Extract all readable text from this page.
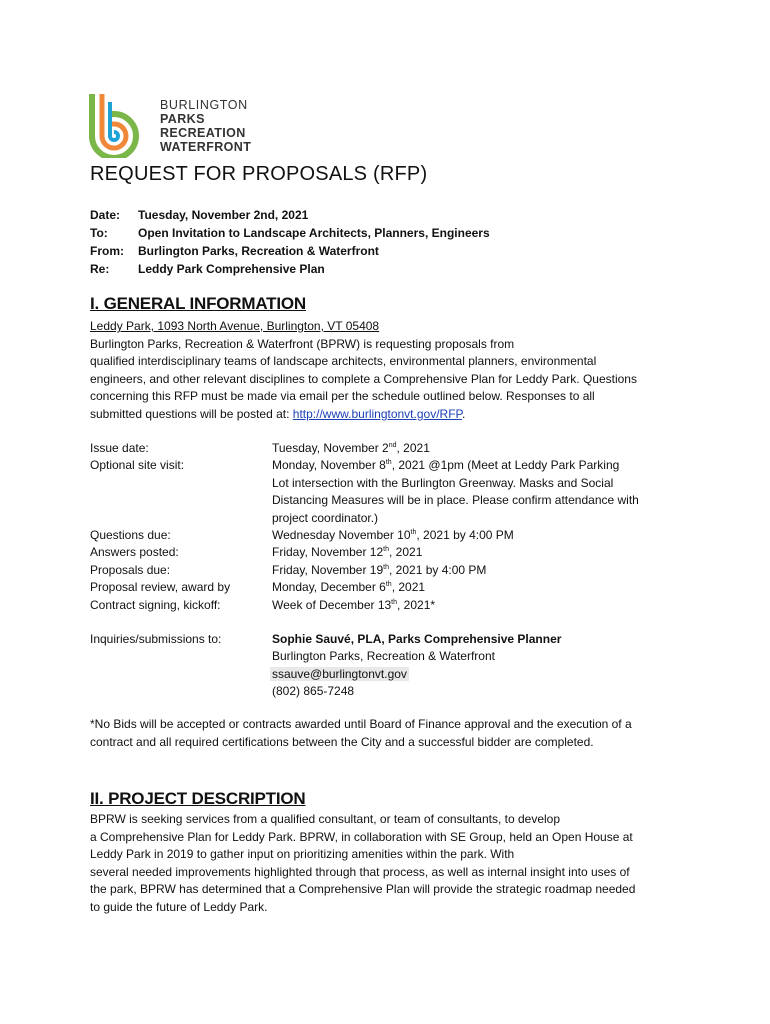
BURLINGTON
PARKS
RECREATION
WATERFRONT
REQUEST FOR PROPOSALS (RFP)
Date:	Tuesday, November 2nd, 2021
To:	Open Invitation to Landscape Architects, Planners, Engineers
From:	Burlington Parks, Recreation & Waterfront
Re:	Leddy Park Comprehensive Plan
I. GENERAL INFORMATION
Leddy Park, 1093 North Avenue, Burlington, VT 05408
Burlington Parks, Recreation & Waterfront (BPRW) is requesting proposals from
qualified interdisciplinary teams of landscape architects, environmental planners, environmental
engineers, and other relevant disciplines to complete a Comprehensive Plan for Leddy Park. Questions
concerning this RFP must be made via email per the schedule outlined below. Responses to all
submitted questions will be posted at: http://www.burlingtonvt.gov/RFP.
Issue date:	Tuesday, November 2nd, 2021
Optional site visit:	Monday, November 8th, 2021 @1pm (Meet at Leddy Park Parking
Lot intersection with the Burlington Greenway. Masks and Social
Distancing Measures will be in place. Please confirm attendance with
project coordinator.)
Questions due:	Wednesday November 10th, 2021 by 4:00 PM
Answers posted:	Friday, November 12th, 2021
Proposals due:	Friday, November 19th, 2021 by 4:00 PM
Proposal review, award by	Monday, December 6th, 2021
Contract signing, kickoff:	Week of December 13th, 2021*
Inquiries/submissions to:	Sophie Sauvé, PLA, Parks Comprehensive Planner
Burlington Parks, Recreation & Waterfront
ssauve@burlingtonvt.gov
(802) 865-7248
*No Bids will be accepted or contracts awarded until Board of Finance approval and the execution of a
contract and all required certifications between the City and a successful bidder are completed.
II. PROJECT DESCRIPTION
BPRW is seeking services from a qualified consultant, or team of consultants, to develop
a Comprehensive Plan for Leddy Park. BPRW, in collaboration with SE Group, held an Open House at
Leddy Park in 2019 to gather input on prioritizing amenities within the park. With
several needed improvements highlighted through that process, as well as internal insight into uses of
the park, BPRW has determined that a Comprehensive Plan will provide the strategic roadmap needed
to guide the future of Leddy Park.
